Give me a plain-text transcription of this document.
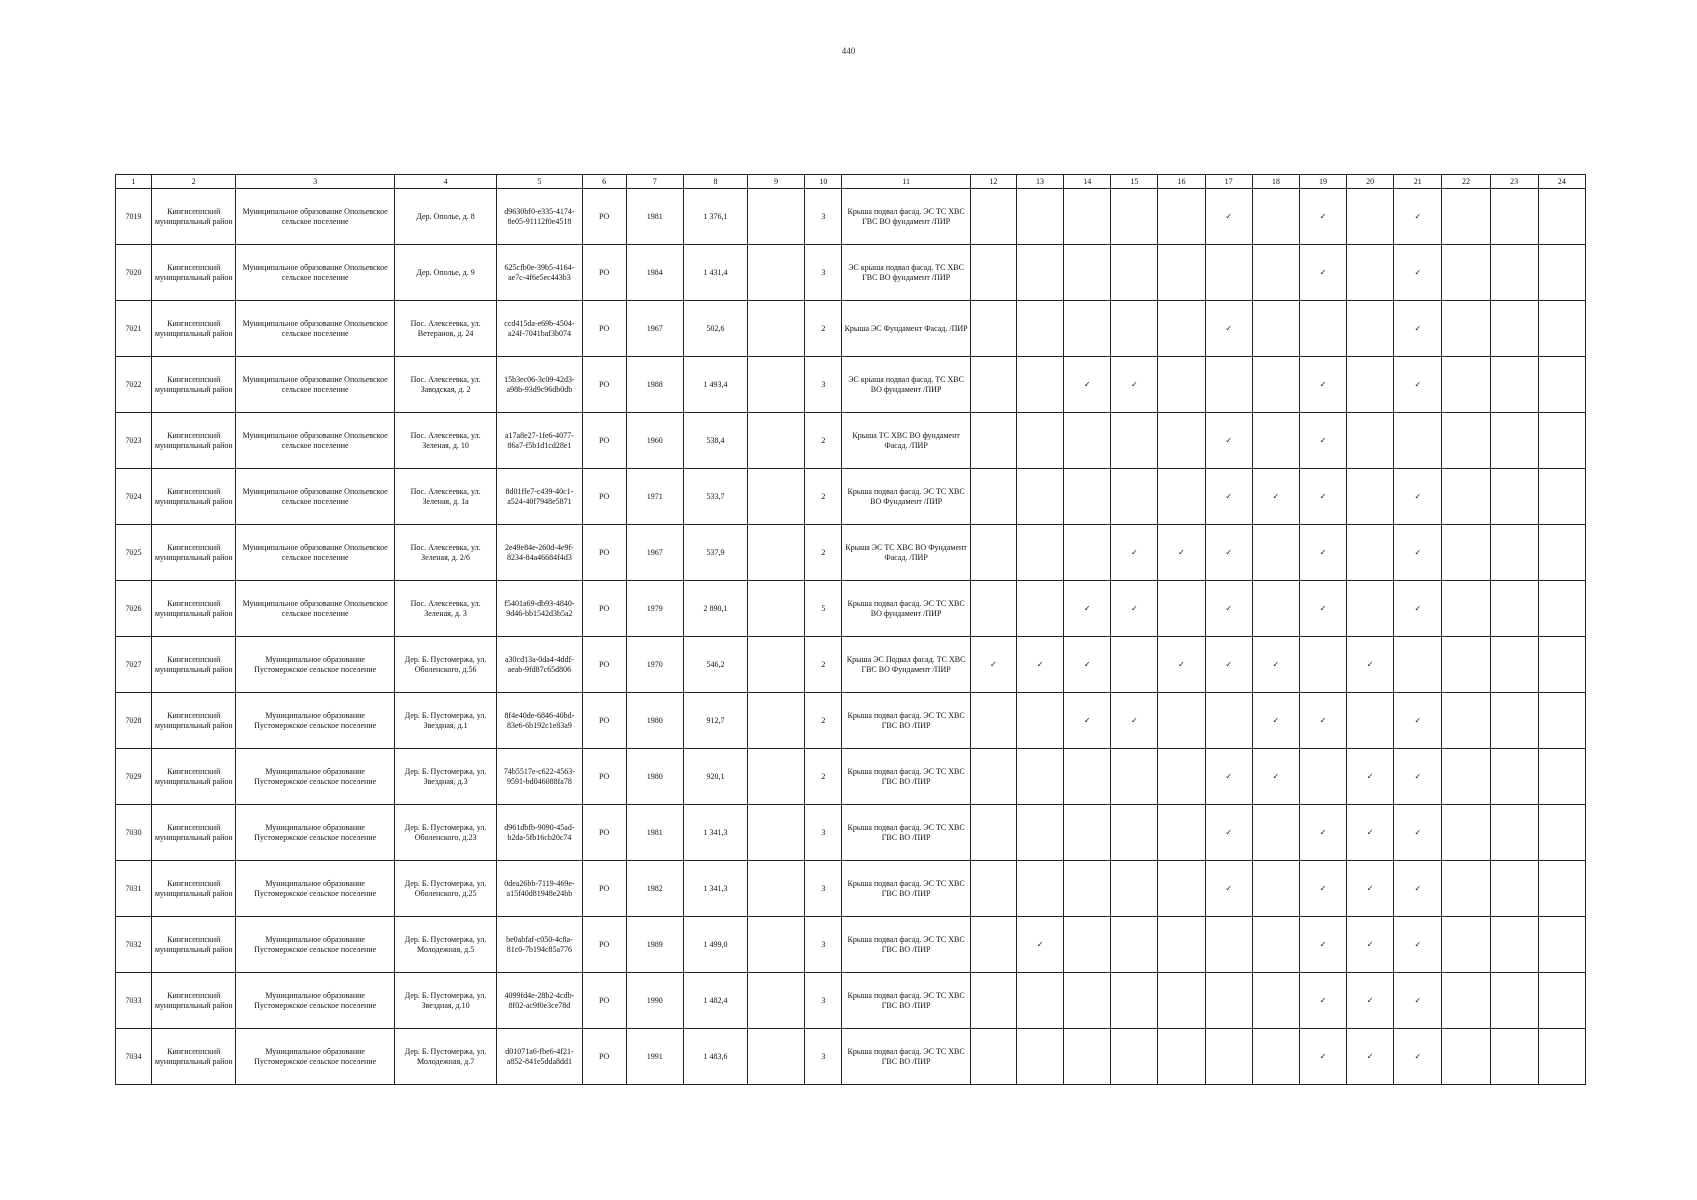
440
1	2	3	4	5	6	7	8	9	10	11	12	13	14	15	16	17	18	19	20	21	22	23	24
7019	Кингисеппский муниципальный район	Муниципальное образование Опольевское сельское поселение	Дер. Ополье, д. 8	d9630bf0-e335-4174-8e05-91112f0e4518	РО	1981	1 376,1		3	Крыша подвал фасад. ЭС ТС ХВС ГВС ВО фундамент /ПИР						✓		✓		✓			
7020	Кингисеппский муниципальный район	Муниципальное образование Опольевское сельское поселение	Дер. Ополье, д. 9	625cfb0e-39b5-4164-ae7c-4f6e5ec443b3	РО	1984	1 431,4		3	ЭС крыша подвал фасад. ТС ХВС ГВС ВО фундамент /ПИР								✓		✓			
7021	Кингисеппский муниципальный район	Муниципальное образование Опольевское сельское поселение	Пос. Алексеевка, ул. Ветеранов, д. 24	ccd415da-e69b-4504-a24f-7041baf3b074	РО	1967	502,6		2	Крыша ЭС Фундамент Фасад. /ПИР						✓				✓			
7022	Кингисеппский муниципальный район	Муниципальное образование Опольевское сельское поселение	Пос. Алексеевка, ул. Заводская, д. 2	15b3ec06-3c09-42d3-a98b-93d9c96db0db	РО	1988	1 493,4		3	ЭС крыша подвал фасад. ТС ХВС ВО фундамент /ПИР			✓	✓				✓		✓			
7023	Кингисеппский муниципальный район	Муниципальное образование Опольевское сельское поселение	Пос. Алексеевка, ул. Зеленая, д. 10	a17a8e27-1fe6-4077-86a7-f5b1d1cd28e1	РО	1960	538,4		2	Крыша ТС ХВС ВО фундамент Фасад. /ПИР						✓		✓					
7024	Кингисеппский муниципальный район	Муниципальное образование Опольевское сельское поселение	Пос. Алексеевка, ул. Зеленая, д. 1а	8d01ffe7-c439-40c1-a524-40f7948e5871	РО	1971	533,7		2	Крыша подвал фасад. ЭС ТС ХВС ВО Фундамент /ПИР						✓	✓	✓		✓			
7025	Кингисеппский муниципальный район	Муниципальное образование Опольевское сельское поселение	Пос. Алексеевка, ул. Зеленая, д. 2/6	2e49e84e-260d-4e9f-8234-84a46684f4d3	РО	1967	537,9		2	Крыша ЭС ТС ХВС ВО Фундамент Фасад. /ПИР				✓	✓	✓		✓		✓			
7026	Кингисеппский муниципальный район	Муниципальное образование Опольевское сельское поселение	Пос. Алексеевка, ул. Зеленая, д. 3	f5401a69-db93-4840-9d46-bb1542d3b5a2	РО	1979	2 890,1		5	Крыша подвал фасад. ЭС ТС ХВС ВО фундамент /ПИР			✓	✓		✓		✓		✓			
7027	Кингисеппский муниципальный район	Муниципальное образование Пустомержское сельское поселение	Дер. Б. Пустомержа, ул. Оболенского, д.56	a30cd13a-0da4-4ddf-aeab-9fd87c65d806	РО	1970	546,2		2	Крыша ЭС Подвал фасад. ТС ХВС ГВС ВО Фундамент /ПИР	✓	✓	✓		✓	✓	✓		✓				
7028	Кингисеппский муниципальный район	Муниципальное образование Пустомержское сельское поселение	Дер. Б. Пустомержа, ул. Звездная, д.1	8f4e40de-6846-40bd-83e6-6b192c1e83a9	РО	1980	912,7		2	Крыша подвал фасад. ЭС ТС ХВС ГВС ВО /ПИР			✓	✓			✓	✓		✓			
7029	Кингисеппский муниципальный район	Муниципальное образование Пустомержское сельское поселение	Дер. Б. Пустомержа, ул. Звездная, д.3	74b5517e-c622-4563-9591-bd046088fa78	РО	1980	920,1		2	Крыша подвал фасад. ЭС ТС ХВС ГВС ВО /ПИР						✓	✓		✓	✓			
7030	Кингисеппский муниципальный район	Муниципальное образование Пустомержское сельское поселение	Дер. Б. Пустомержа, ул. Оболенского, д.23	d961dbfb-9090-45ad-b2da-5fb16cb20c74	РО	1981	1 341,3		3	Крыша подвал фасад. ЭС ТС ХВС ГВС ВО /ПИР						✓		✓	✓	✓			
7031	Кингисеппский муниципальный район	Муниципальное образование Пустомержское сельское поселение	Дер. Б. Пустомержа, ул. Оболенского, д.25	0dea26bb-7119-469e-a15f40d81948e24bb	РО	1982	1 341,3		3	Крыша подвал фасад. ЭС ТС ХВС ГВС ВО /ПИР						✓		✓	✓	✓			
7032	Кингисеппский муниципальный район	Муниципальное образование Пустомержское сельское поселение	Дер. Б. Пустомержа, ул. Молодежная, д.5	be0abfaf-c050-4c8a-81c0-7b194c85a776	РО	1989	1 499,0		3	Крыша подвал фасад. ЭС ТС ХВС ГВС ВО /ПИР		✓						✓	✓	✓			
7033	Кингисеппский муниципальный район	Муниципальное образование Пустомержское сельское поселение	Дер. Б. Пустомержа, ул. Звездная, д.10	4099fd4e-28b2-4cdb-8f02-ac9f0e3ce78d	РО	1990	1 482,4		3	Крыша подвал фасад. ЭС ТС ХВС ГВС ВО /ПИР								✓	✓	✓			
7034	Кингисеппский муниципальный район	Муниципальное образование Пустомержское сельское поселение	Дер. Б. Пустомержа, ул. Молодежная, д.7	d01071a6-fbe6-4f21-a852-841e5dda8dd1	РО	1991	1 483,6		3	Крыша подвал фасад. ЭС ТС ХВС ГВС ВО /ПИР								✓	✓	✓			
